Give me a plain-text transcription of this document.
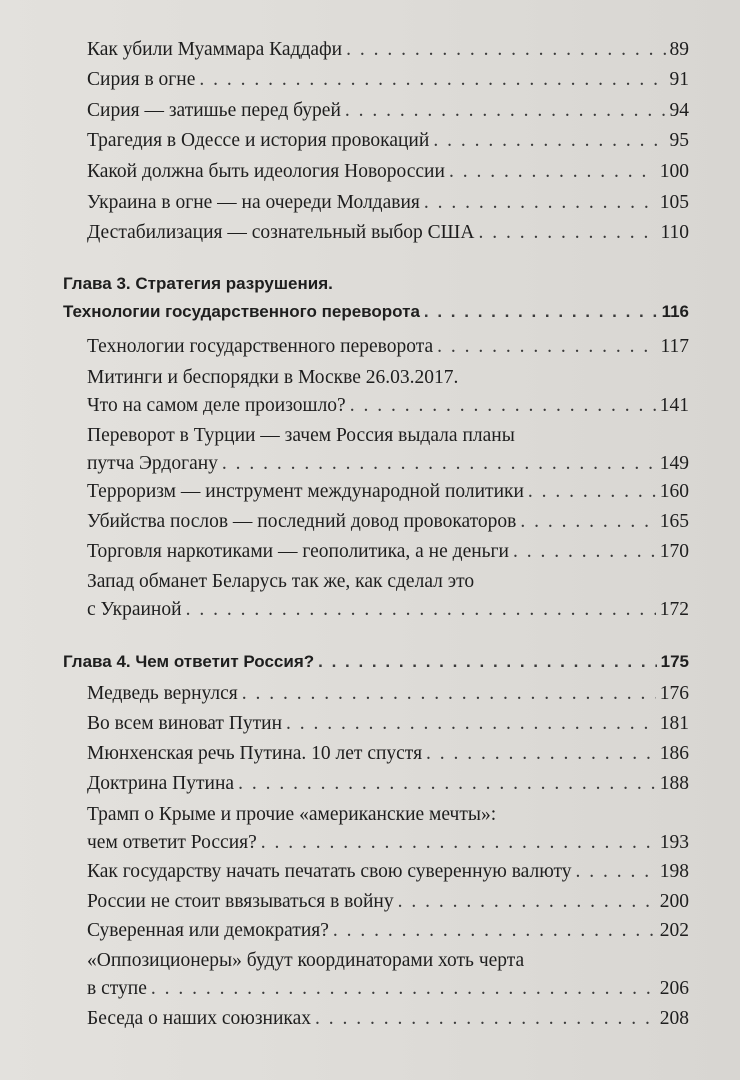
Как убили Муаммара Каддафи . . .	89
Сирия в огне . . .	91
Сирия — затишье перед бурей . . .	94
Трагедия в Одессе и история провокаций . . .	95
Какой должна быть идеология Новороссии . . .	100
Украина в огне — на очереди Молдавия . . .	105
Дестабилизация — сознательный выбор США . . .	110
Глава 3. Стратегия разрушения.
Технологии государственного переворота . . .	116
Технологии государственного переворота . . .	117
Митинги и беспорядки в Москве 26.03.2017.
Что на самом деле произошло? . . .	141
Переворот в Турции — зачем Россия выдала планы
путча Эрдогану . . .	149
Терроризм — инструмент международной политики . . .	160
Убийства послов — последний довод провокаторов . . .	165
Торговля наркотиками — геополитика, а не деньги . . .	170
Запад обманет Беларусь так же, как сделал это
с Украиной . . .	172
Глава 4. Чем ответит Россия? . . .	175
Медведь вернулся . . .	176
Во всем виноват Путин . . .	181
Мюнхенская речь Путина. 10 лет спустя . . .	186
Доктрина Путина . . .	188
Трамп о Крыме и прочие «американские мечты»:
чем ответит Россия? . . .	193
Как государству начать печатать свою суверенную валюту . . .	198
России не стоит ввязываться в войну . . .	200
Суверенная или демократия? . . .	202
«Оппозиционеры» будут координаторами хоть черта
в ступе . . .	206
Беседа о наших союзниках . . .	208
